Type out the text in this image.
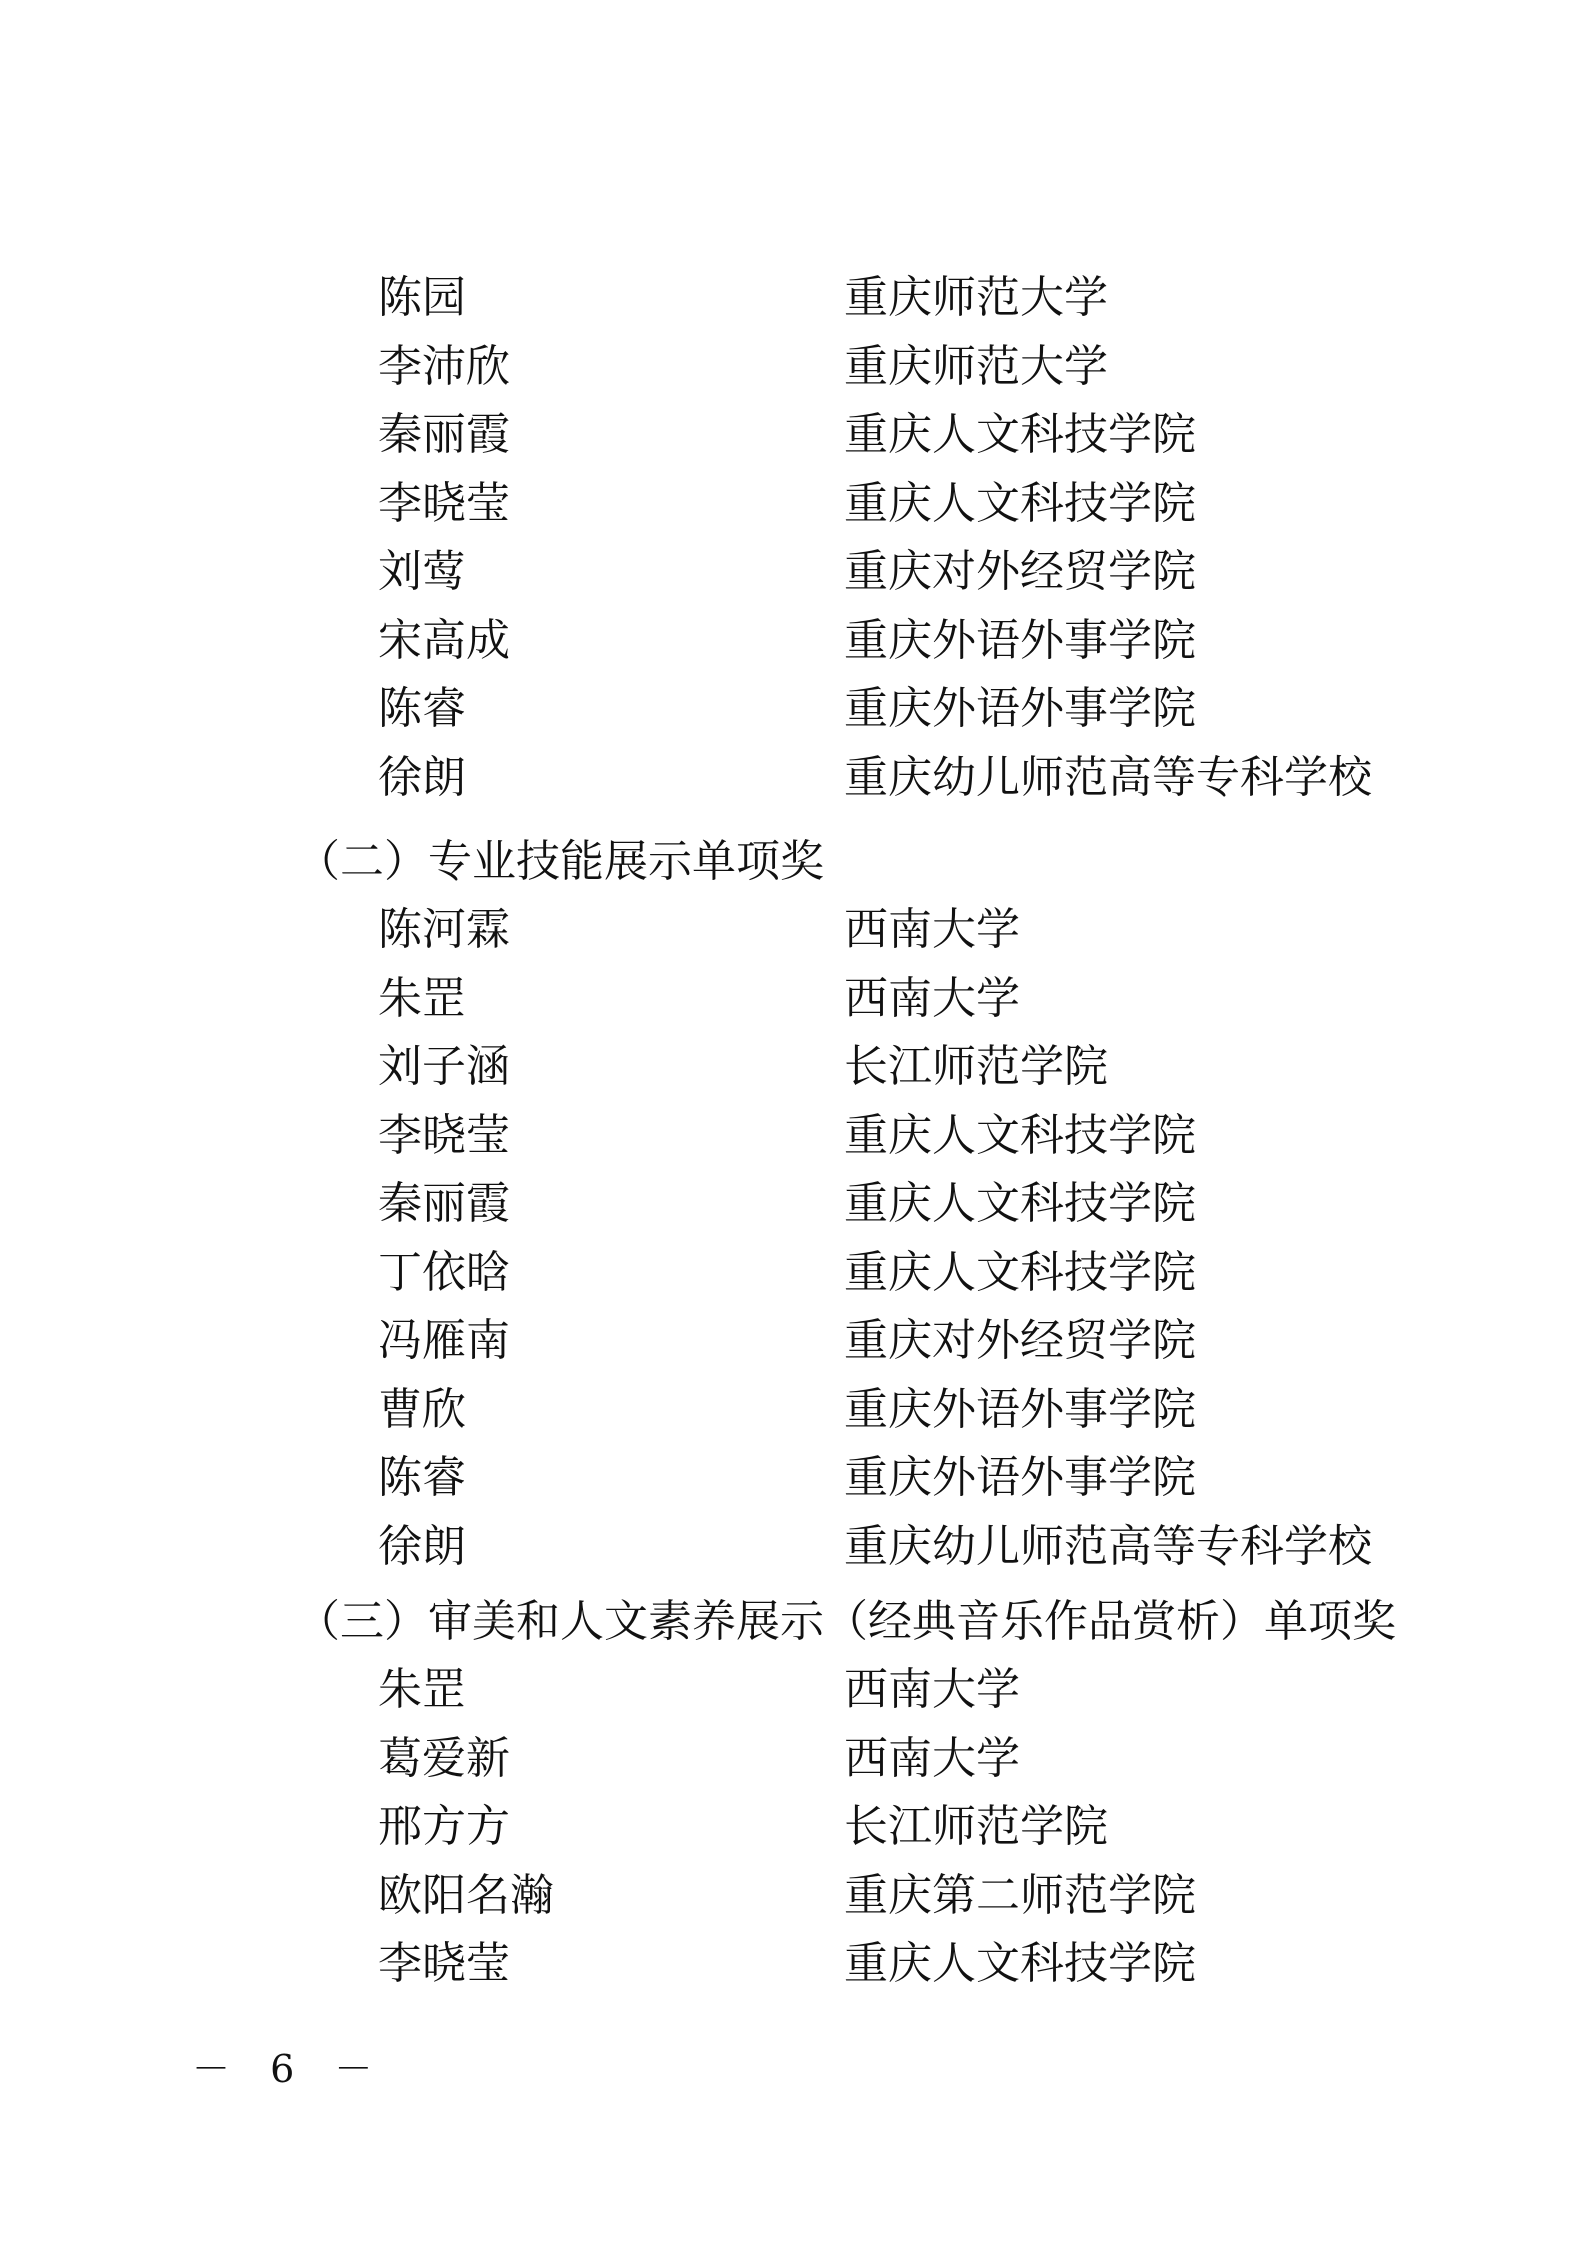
陈园	重庆师范大学
李沛欣	重庆师范大学
秦丽霞	重庆人文科技学院
李晓莹	重庆人文科技学院
刘莺	重庆对外经贸学院
宋高成	重庆外语外事学院
陈睿	重庆外语外事学院
徐朗	重庆幼儿师范高等专科学校
（二）专业技能展示单项奖
陈河霖	西南大学
朱罡	西南大学
刘子涵	长江师范学院
李晓莹	重庆人文科技学院
秦丽霞	重庆人文科技学院
丁依晗	重庆人文科技学院
冯雁南	重庆对外经贸学院
曹欣	重庆外语外事学院
陈睿	重庆外语外事学院
徐朗	重庆幼儿师范高等专科学校
（三）审美和人文素养展示（经典音乐作品赏析）单项奖
朱罡	西南大学
葛爱新	西南大学
邢方方	长江师范学院
欧阳名瀚	重庆第二师范学院
李晓莹	重庆人文科技学院
－ 6 －
